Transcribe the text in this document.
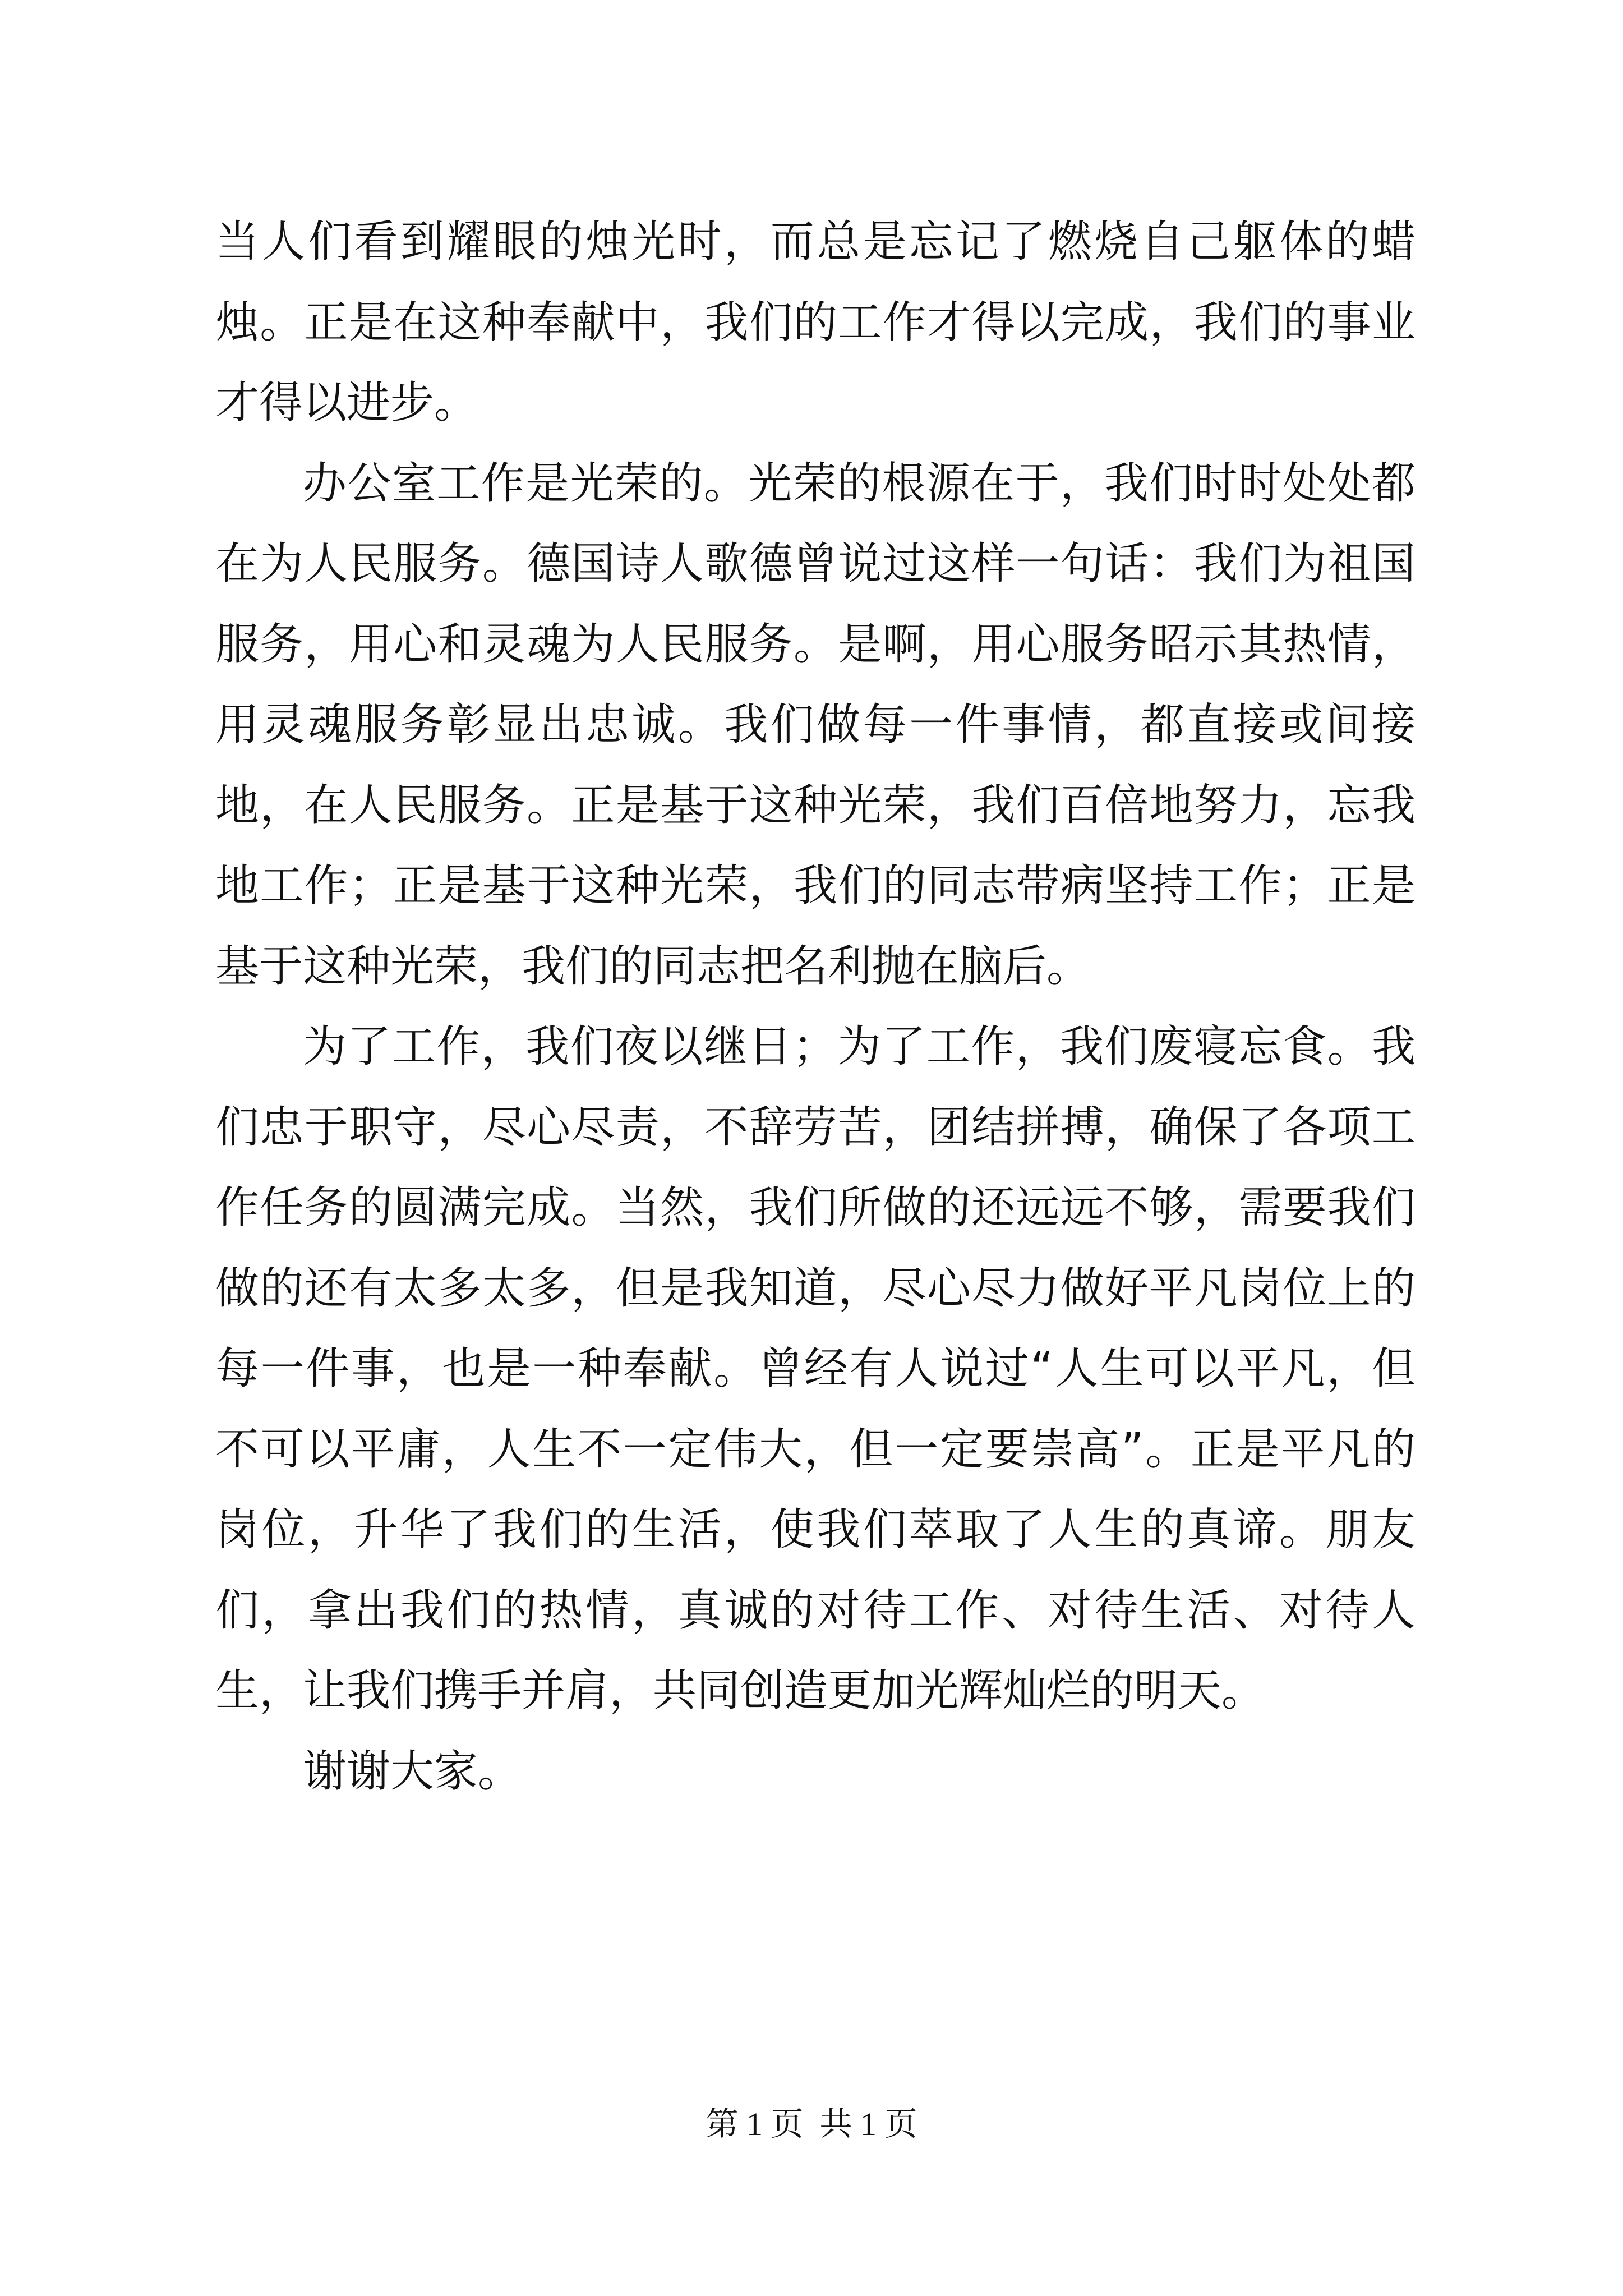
当人们看到耀眼的烛光时，而总是忘记了燃烧自己躯体的蜡烛。正是在这种奉献中，我们的工作才得以完成，我们的事业才得以进步。

办公室工作是光荣的。光荣的根源在于，我们时时处处都在为人民服务。德国诗人歌德曾说过这样一句话：我们为祖国服务，用心和灵魂为人民服务。是啊，用心服务昭示其热情，用灵魂服务彰显出忠诚。我们做每一件事情，都直接或间接地，在人民服务。正是基于这种光荣，我们百倍地努力，忘我地工作；正是基于这种光荣，我们的同志带病坚持工作；正是基于这种光荣，我们的同志把名利抛在脑后。

为了工作，我们夜以继日；为了工作，我们废寝忘食。我们忠于职守，尽心尽责，不辞劳苦，团结拼搏，确保了各项工作任务的圆满完成。当然，我们所做的还远远不够，需要我们做的还有太多太多，但是我知道，尽心尽力做好平凡岗位上的每一件事，也是一种奉献。曾经有人说过“人生可以平凡，但不可以平庸，人生不一定伟大，但一定要崇高”。正是平凡的岗位，升华了我们的生活，使我们萃取了人生的真谛。朋友们，拿出我们的热情，真诚的对待工作、对待生活、对待人生，让我们携手并肩，共同创造更加光辉灿烂的明天。

谢谢大家。

第 1 页  共 1 页
